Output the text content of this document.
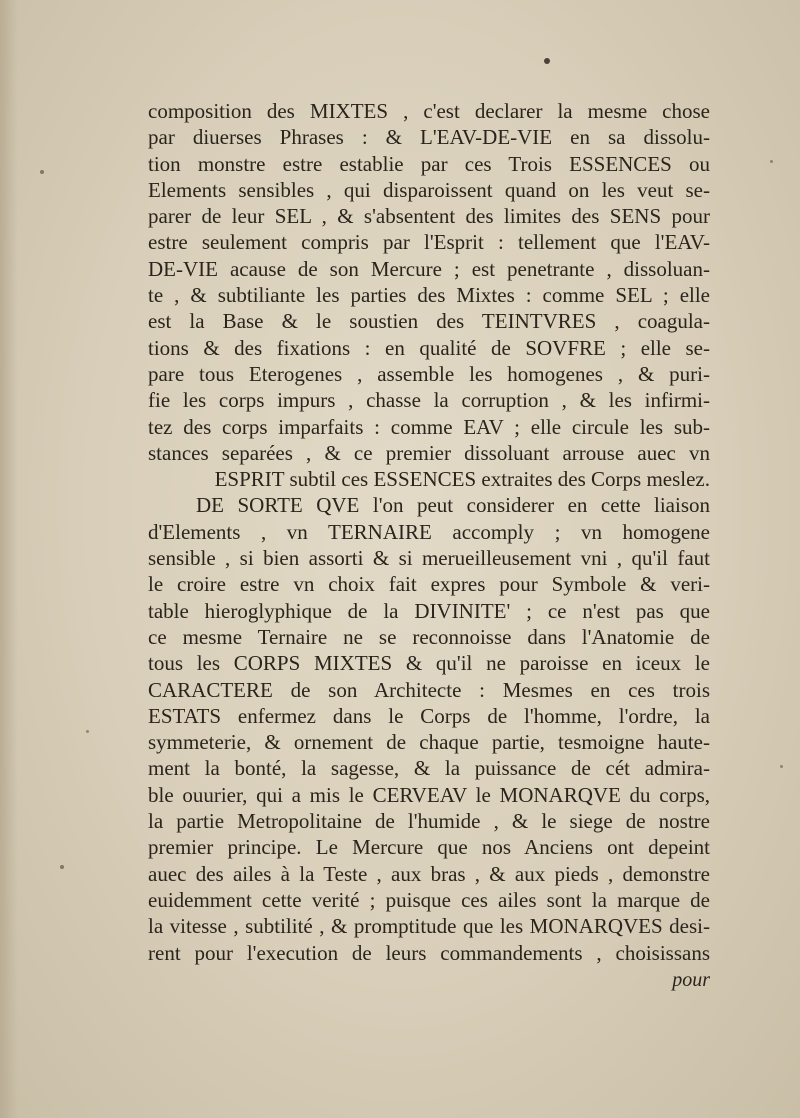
composition des MIXTES , c'est declarer la mesme chose
par diuerses Phrases : & L'EAV-DE-VIE en sa dissolu-
tion monstre estre establie par ces Trois ESSENCES ou
Elements sensibles , qui disparoissent quand on les veut se-
parer de leur SEL , & s'absentent des limites des SENS pour
estre seulement compris par l'Esprit : tellement que l'EAV-
DE-VIE acause de son Mercure ; est penetrante , dissoluan-
te , & subtiliante les parties des Mixtes : comme SEL ; elle
est la Base & le soustien des TEINTVRES , coagula-
tions & des fixations : en qualité de SOVFRE ; elle se-
pare tous Eterogenes , assemble les homogenes , & puri-
fie les corps impurs , chasse la corruption , & les infirmi-
tez des corps imparfaits : comme EAV ; elle circule les sub-
stances separées , & ce premier dissoluant arrouse auec vn
ESPRIT subtil ces ESSENCES extraites des Corps meslez.
DE SORTE QVE l'on peut considerer en cette liaison
d'Elements , vn TERNAIRE accomply ; vn homogene
sensible , si bien assorti & si merueilleusement vni , qu'il faut
le croire estre vn choix fait expres pour Symbole & veri-
table hieroglyphique de la DIVINITE' ; ce n'est pas que
ce mesme Ternaire ne se reconnoisse dans l'Anatomie de
tous les CORPS MIXTES & qu'il ne paroisse en iceux le
CARACTERE de son Architecte : Mesmes en ces trois
ESTATS enfermez dans le Corps de l'homme, l'ordre, la
symmeterie, & ornement de chaque partie, tesmoigne haute-
ment la bonté, la sagesse, & la puissance de cét admira-
ble ouurier, qui a mis le CERVEAV le MONARQVE du corps,
la partie Metropolitaine de l'humide , & le siege de nostre
premier principe. Le Mercure que nos Anciens ont depeint
auec des ailes à la Teste , aux bras , & aux pieds , demonstre
euidemment cette verité ; puisque ces ailes sont la marque de
la vitesse , subtilité , & promptitude que les MONARQVES desi-
rent pour l'execution de leurs commandements , choisissans
pour
